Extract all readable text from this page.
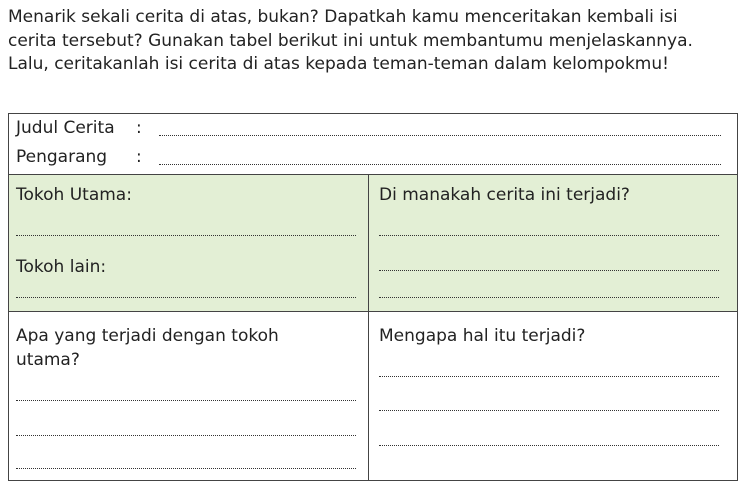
Menarik sekali cerita di atas, bukan? Dapatkah kamu menceritakan kembali isi
cerita tersebut? Gunakan tabel berikut ini untuk membantumu menjelaskannya.
Lalu, ceritakanlah isi cerita di atas kepada teman-teman dalam kelompokmu!
Judul Cerita :
Pengarang :
Tokoh Utama:
Tokoh lain:
Di manakah cerita ini terjadi?
Apa yang terjadi dengan tokoh utama?
Mengapa hal itu terjadi?
